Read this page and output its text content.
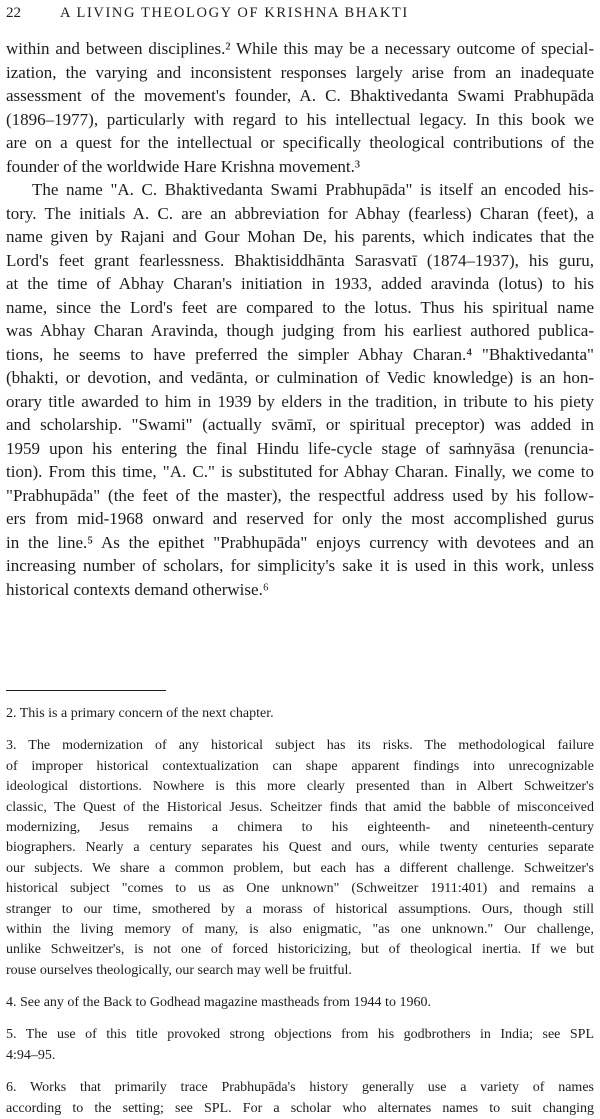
22	A LIVING THEOLOGY OF KRISHNA BHAKTI
within and between disciplines.² While this may be a necessary outcome of special-
ization, the varying and inconsistent responses largely arise from an inadequate
assessment of the movement's founder, A. C. Bhaktivedanta Swami Prabhupāda
(1896–1977), particularly with regard to his intellectual legacy. In this book we
are on a quest for the intellectual or specifically theological contributions of the
founder of the worldwide Hare Krishna movement.³
The name "A. C. Bhaktivedanta Swami Prabhupāda" is itself an encoded his-
tory. The initials A. C. are an abbreviation for Abhay (fearless) Charan (feet), a
name given by Rajani and Gour Mohan De, his parents, which indicates that the
Lord's feet grant fearlessness. Bhaktisiddhānta Sarasvatī (1874–1937), his guru,
at the time of Abhay Charan's initiation in 1933, added aravinda (lotus) to his
name, since the Lord's feet are compared to the lotus. Thus his spiritual name
was Abhay Charan Aravinda, though judging from his earliest authored publica-
tions, he seems to have preferred the simpler Abhay Charan.⁴ "Bhaktivedanta"
(bhakti, or devotion, and vedānta, or culmination of Vedic knowledge) is an hon-
orary title awarded to him in 1939 by elders in the tradition, in tribute to his piety
and scholarship. "Swami" (actually svāmī, or spiritual preceptor) was added in
1959 upon his entering the final Hindu life-cycle stage of saṁnyāsa (renuncia-
tion). From this time, "A. C." is substituted for Abhay Charan. Finally, we come to
"Prabhupāda" (the feet of the master), the respectful address used by his follow-
ers from mid-1968 onward and reserved for only the most accomplished gurus
in the line.⁵ As the epithet "Prabhupāda" enjoys currency with devotees and an
increasing number of scholars, for simplicity's sake it is used in this work, unless
historical contexts demand otherwise.⁶
2. This is a primary concern of the next chapter.
3. The modernization of any historical subject has its risks. The methodological failure
of improper historical contextualization can shape apparent findings into unrecognizable
ideological distortions. Nowhere is this more clearly presented than in Albert Schweitzer's
classic, The Quest of the Historical Jesus. Scheitzer finds that amid the babble of misconceived
modernizing, Jesus remains a chimera to his eighteenth- and nineteenth-century
biographers. Nearly a century separates his Quest and ours, while twenty centuries separate
our subjects. We share a common problem, but each has a different challenge. Schweitzer's
historical subject "comes to us as One unknown" (Schweitzer 1911:401) and remains a
stranger to our time, smothered by a morass of historical assumptions. Ours, though still
within the living memory of many, is also enigmatic, "as one unknown." Our challenge,
unlike Schweitzer's, is not one of forced historicizing, but of theological inertia. If we but
rouse ourselves theologically, our search may well be fruitful.
4. See any of the Back to Godhead magazine mastheads from 1944 to 1960.
5. The use of this title provoked strong objections from his godbrothers in India; see SPL
4:94–95.
6. Works that primarily trace Prabhupāda's history generally use a variety of names
according to the setting; see SPL. For a scholar who alternates names to suit changing
